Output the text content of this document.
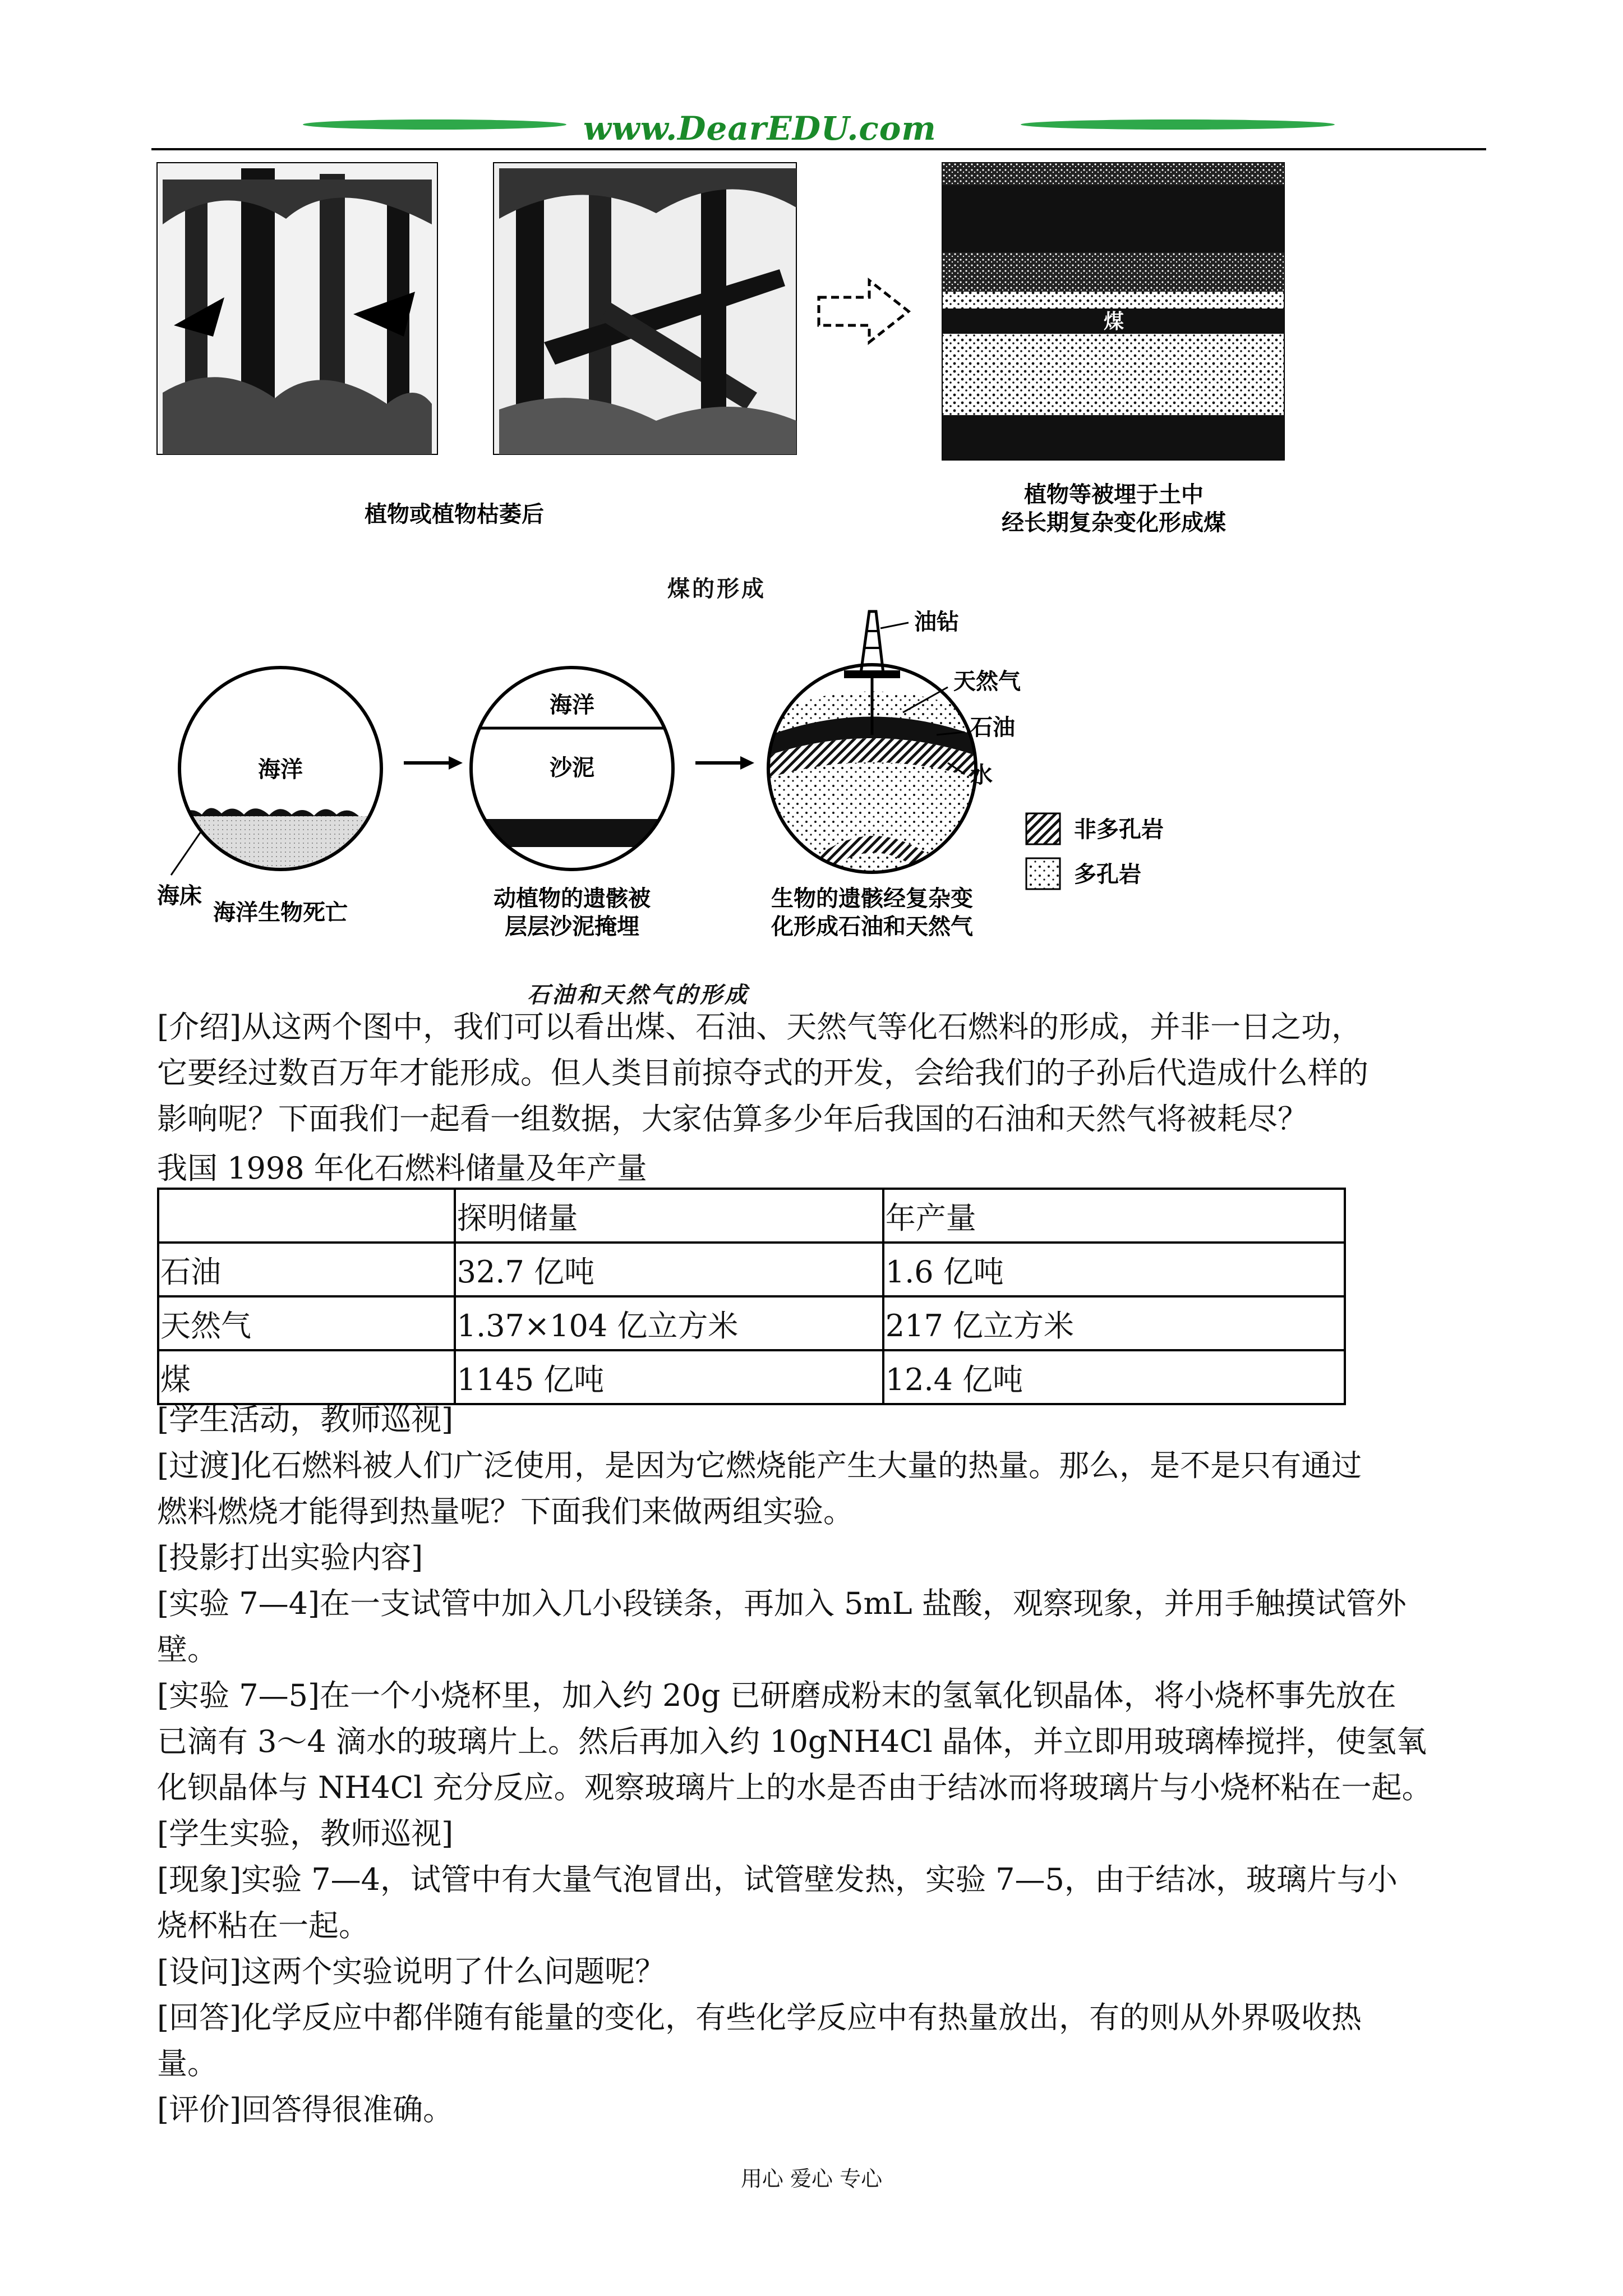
www.DearEDU.com
煤
植物或植物枯萎后
植物等被埋于土中
经长期复杂变化形成煤
煤的形成
海洋
海床
海洋生物死亡
海洋
沙泥
动植物的遗骸被
层层沙泥掩埋
油钻
天然气
石油
水
非多孔岩
多孔岩
生物的遗骸经复杂变
化形成石油和天然气
石油和天然气的形成
[介绍]从这两个图中，我们可以看出煤、石油、天然气等化石燃料的形成，并非一日之功，
它要经过数百万年才能形成。但人类目前掠夺式的开发，会给我们的子孙后代造成什么样的
影响呢？下面我们一起看一组数据，大家估算多少年后我国的石油和天然气将被耗尽？
我国 1998 年化石燃料储量及年产量
	探明储量	年产量
石油	32.7 亿吨	1.6 亿吨
天然气	1.37×104 亿立方米	217 亿立方米
煤	1145 亿吨	12.4 亿吨
[学生活动，教师巡视]
[过渡]化石燃料被人们广泛使用，是因为它燃烧能产生大量的热量。那么，是不是只有通过
燃料燃烧才能得到热量呢？下面我们来做两组实验。
[投影打出实验内容]
[实验 7—4]在一支试管中加入几小段镁条，再加入 5mL 盐酸，观察现象，并用手触摸试管外
壁。
[实验 7—5]在一个小烧杯里，加入约 20g 已研磨成粉末的氢氧化钡晶体，将小烧杯事先放在
已滴有 3～4 滴水的玻璃片上。然后再加入约 10gNH4Cl 晶体，并立即用玻璃棒搅拌，使氢氧
化钡晶体与 NH4Cl 充分反应。观察玻璃片上的水是否由于结冰而将玻璃片与小烧杯粘在一起。
[学生实验，教师巡视]
[现象]实验 7—4，试管中有大量气泡冒出，试管壁发热，实验 7—5，由于结冰，玻璃片与小
烧杯粘在一起。
[设问]这两个实验说明了什么问题呢？
[回答]化学反应中都伴随有能量的变化，有些化学反应中有热量放出，有的则从外界吸收热
量。
[评价]回答得很准确。
用心 爱心 专心
